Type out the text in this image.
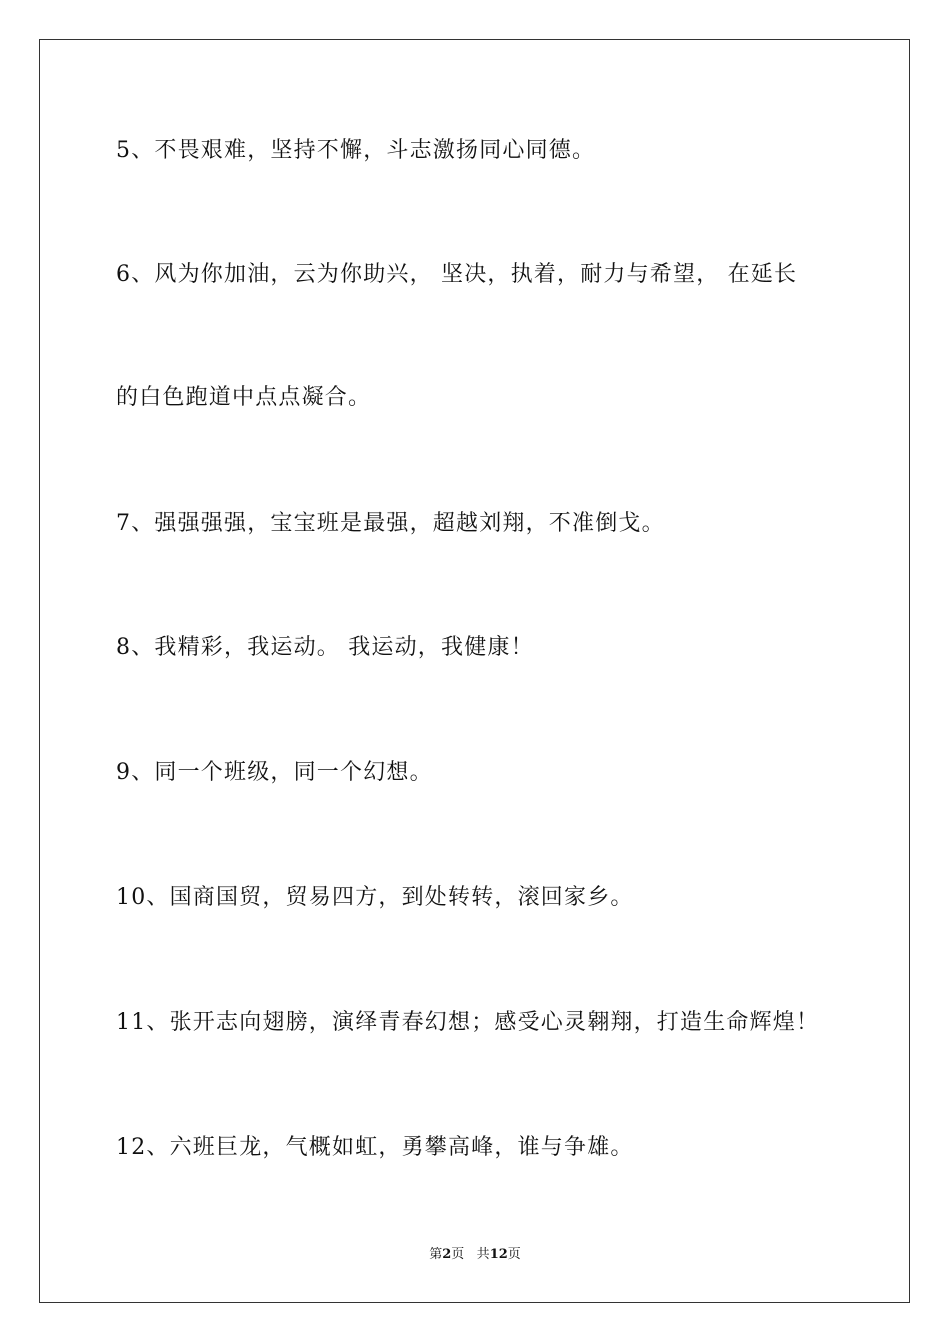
5、不畏艰难，坚持不懈，斗志激扬同心同德。
6、风为你加油，云为你助兴， 坚决，执着，耐力与希望， 在延长
的白色跑道中点点凝合。
7、强强强强，宝宝班是最强，超越刘翔，不准倒戈。
8、我精彩，我运动。 我运动，我健康！
9、同一个班级，同一个幻想。
10、国商国贸，贸易四方，到处转转，滚回家乡。
11、张开志向翅膀，演绎青春幻想；感受心灵翱翔，打造生命辉煌！
12、六班巨龙，气概如虹，勇攀高峰，谁与争雄。
第2页 共12页
